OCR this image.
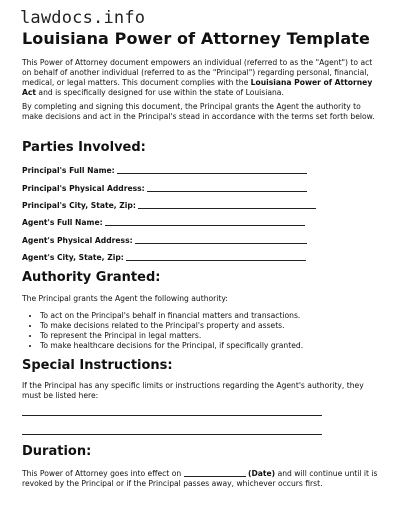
lawdocs.info
Louisiana Power of Attorney Template
This Power of Attorney document empowers an individual (referred to as the "Agent") to act on behalf of another individual (referred to as the "Principal") regarding personal, financial, medical, or legal matters. This document complies with the Louisiana Power of Attorney Act and is specifically designed for use within the state of Louisiana.
By completing and signing this document, the Principal grants the Agent the authority to make decisions and act in the Principal's stead in accordance with the terms set forth below.
Parties Involved:
Principal's Full Name:
Principal's Physical Address:
Principal's City, State, Zip:
Agent's Full Name:
Agent's Physical Address:
Agent's City, State, Zip:
Authority Granted:
The Principal grants the Agent the following authority:
• To act on the Principal's behalf in financial matters and transactions.
• To make decisions related to the Principal's property and assets.
• To represent the Principal in legal matters.
• To make healthcare decisions for the Principal, if specifically granted.
Special Instructions:
If the Principal has any specific limits or instructions regarding the Agent's authority, they must be listed here:
Duration:
This Power of Attorney goes into effect on	(Date) and will continue until it is revoked by the Principal or if the Principal passes away, whichever occurs first.
